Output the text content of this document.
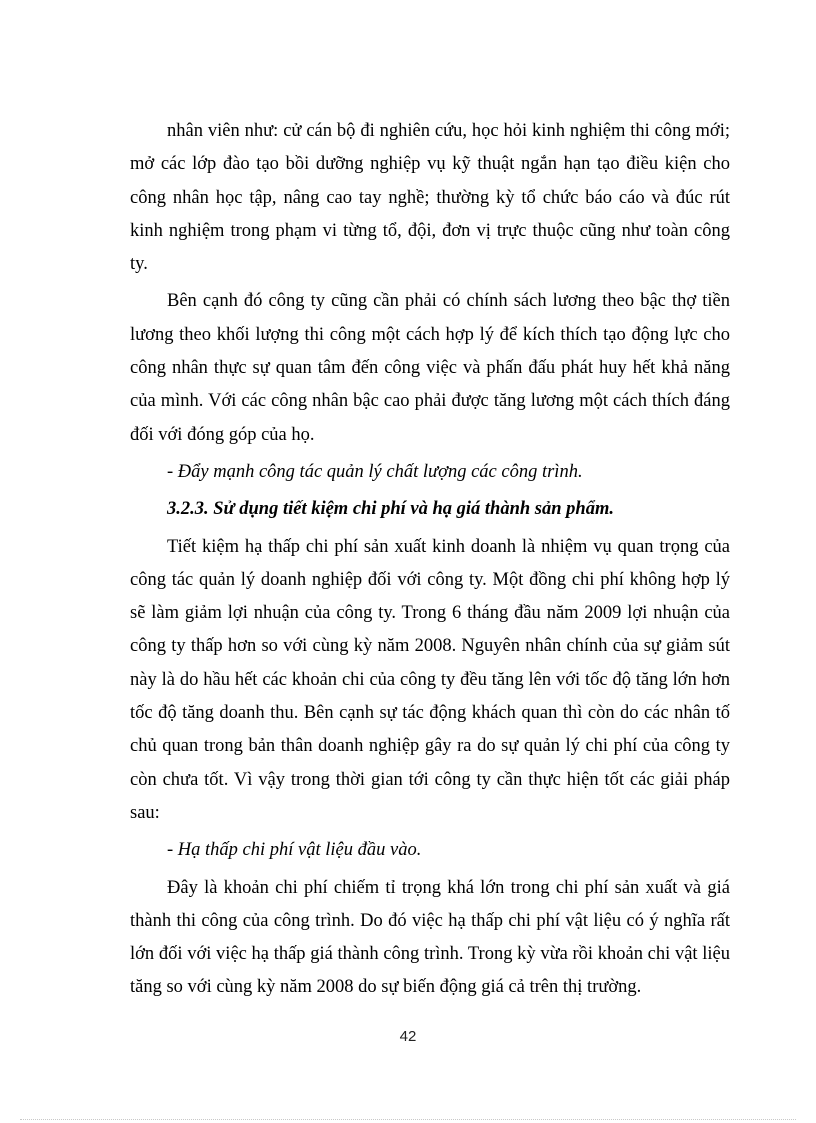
nhân viên như: cử cán bộ đi nghiên cứu, học hỏi kinh nghiệm thi công mới; mở các lớp đào tạo bồi dưỡng nghiệp vụ kỹ thuật ngắn hạn tạo điều kiện cho công nhân học tập, nâng cao tay nghề; thường kỳ tổ chức báo cáo và đúc rút kinh nghiệm trong phạm vi từng tổ, đội, đơn vị trực thuộc cũng như toàn công ty.

Bên cạnh đó công ty cũng cần phải có chính sách lương theo bậc thợ tiền lương theo khối lượng thi công một cách hợp lý để kích thích tạo động lực cho công nhân thực sự quan tâm đến công việc và phấn đấu phát huy hết khả năng của mình. Với các công nhân bậc cao phải được tăng lương một cách thích đáng đối với đóng góp của họ.

- Đẩy mạnh công tác quản lý chất lượng các công trình.

3.2.3. Sử dụng tiết kiệm chi phí và hạ giá thành sản phẩm.

Tiết kiệm hạ thấp chi phí sản xuất kinh doanh là nhiệm vụ quan trọng của công tác quản lý doanh nghiệp đối với công ty. Một đồng chi phí không hợp lý sẽ làm giảm lợi nhuận của công ty. Trong 6 tháng đầu năm 2009 lợi nhuận của công ty thấp hơn so với cùng kỳ năm 2008. Nguyên nhân chính của sự giảm sút này là do hầu hết các khoản chi của công ty đều tăng lên với tốc độ tăng lớn hơn tốc độ tăng doanh thu. Bên cạnh sự tác động khách quan thì còn do các nhân tố chủ quan trong bản thân doanh nghiệp gây ra do sự quản lý chi phí của công ty còn chưa tốt. Vì vậy trong thời gian tới công ty cần thực hiện tốt các giải pháp sau:

- Hạ thấp chi phí vật liệu đầu vào.

Đây là khoản chi phí chiếm tỉ trọng khá lớn trong chi phí sản xuất và giá thành thi công của công trình. Do đó việc hạ thấp chi phí vật liệu có ý nghĩa rất lớn đối với việc hạ thấp giá thành công trình. Trong kỳ vừa rồi khoản chi vật liệu tăng so với cùng kỳ năm 2008 do sự biến động giá cả trên thị trường.

42
